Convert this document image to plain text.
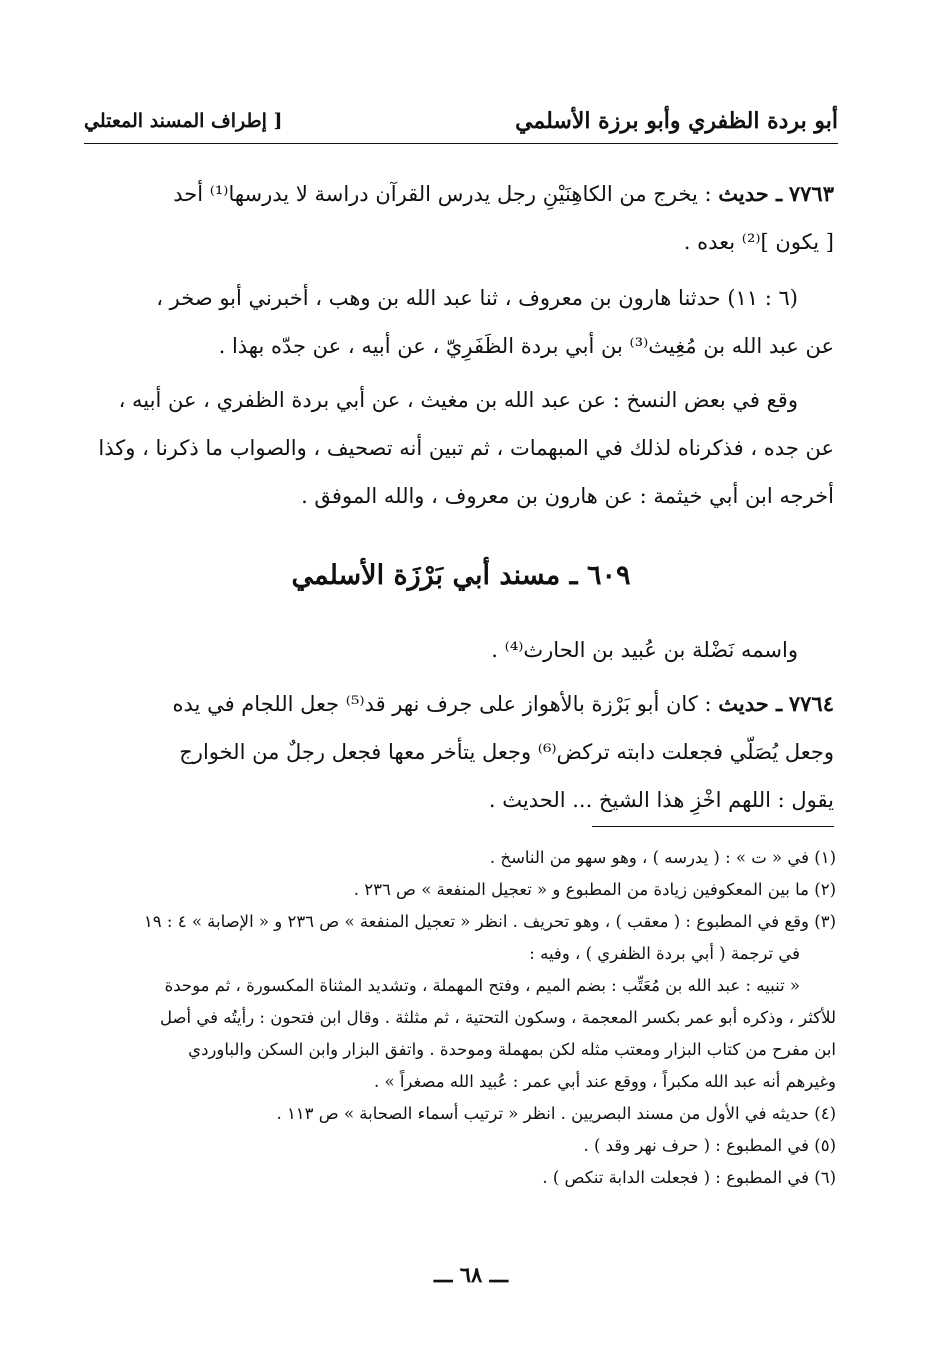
أبو بردة الظفري وأبو برزة الأسلمي
[ إطراف المسند المعتلي
٧٧٦٣ ـ حديث : يخرج من الكاهِنَيْنِ رجل يدرس القرآن دراسة لا يدرسها⁽¹⁾ أحد
[ يكون ]⁽²⁾ بعده .
(٦ : ١١) حدثنا هارون بن معروف ، ثنا عبد الله بن وهب ، أخبرني أبو صخر ،
عن عبد الله بن مُغِيث⁽³⁾ بن أبي بردة الظَفَرِيّ ، عن أبيه ، عن جدّه بهذا .
وقع في بعض النسخ : عن عبد الله بن مغيث ، عن أبي بردة الظفري ، عن أبيه ،
عن جده ، فذكرناه لذلك في المبهمات ، ثم تبين أنه تصحيف ، والصواب ما ذكرنا ، وكذا
أخرجه ابن أبي خيثمة : عن هارون بن معروف ، والله الموفق .
٦٠٩ ـ مسند أبي بَرْزَة الأسلمي
واسمه نَضْلة بن عُبيد بن الحارث⁽⁴⁾ .
٧٧٦٤ ـ حديث : كان أبو بَرْزة بالأهواز على جرف نهر قد⁽⁵⁾ جعل اللجام في يده
وجعل يُصَلّي فجعلت دابته تركض⁽⁶⁾ وجعل يتأخر معها فجعل رجلٌ من الخوارج
يقول : اللهم اخْزِ هذا الشيخ ... الحديث .
(١) في « ت » : ( يدرسه ) ، وهو سهو من الناسخ .
(٢) ما بين المعكوفين زيادة من المطبوع و « تعجيل المنفعة » ص ٢٣٦ .
(٣) وقع في المطبوع : ( معقب ) ، وهو تحريف . انظر « تعجيل المنفعة » ص ٢٣٦ و « الإصابة » ٤ : ١٩
في ترجمة ( أبي بردة الظفري ) ، وفيه :
« تنبيه : عبد الله بن مُعَتِّب : بضم الميم ، وفتح المهملة ، وتشديد المثناة المكسورة ، ثم موحدة
للأكثر ، وذكره أبو عمر بكسر المعجمة ، وسكون التحتية ، ثم مثلثة . وقال ابن فتحون : رأيتُه في أصل
ابن مفرح من كتاب البزار ومعتب مثله لكن بمهملة وموحدة . واتفق البزار وابن السكن والباوردي
وغيرهم أنه عبد الله مكبراً ، ووقع عند أبي عمر : عُبيد الله مصغراً » .
(٤) حديثه في الأول من مسند البصريين . انظر « ترتيب أسماء الصحابة » ص ١١٣ .
(٥) في المطبوع : ( حرف نهر وقد ) .
(٦) في المطبوع : ( فجعلت الدابة تنكص ) .
ـــ ٦٨ ـــ
